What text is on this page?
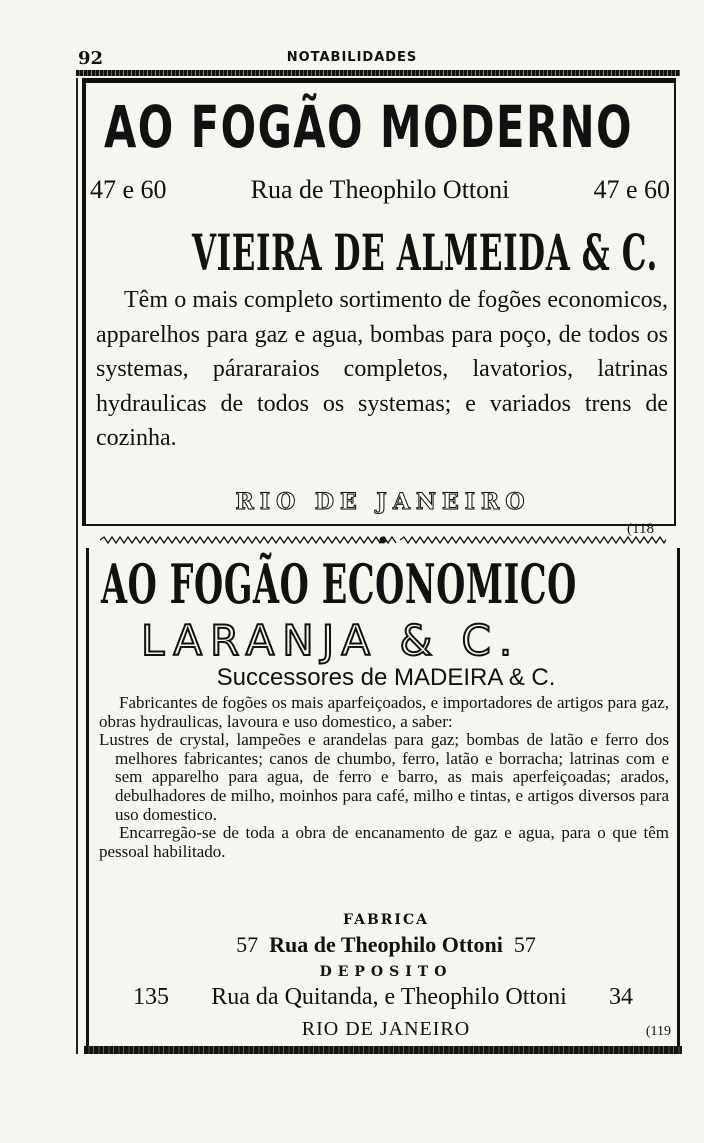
92	NOTABILIDADES
AO FOGÃO MODERNO
47 e 60	Rua de Theophilo Ottoni	47 e 60
VIEIRA DE ALMEIDA & C.
Têm o mais completo sortimento de fogões economicos, apparelhos para gaz e agua, bombas para poço, de todos os systemas, párararaios completos, lavatorios, latrinas hydraulicas de todos os systemas; e variados trens de cozinha.
RIO DE JANEIRO
(118
AO FOGÃO ECONOMICO
LARANJA & C.
Successores de MADEIRA & C.

Fabricantes de fogões os mais aparfeiçoados, e importadores de artigos para gaz, obras hydraulicas, lavoura e uso domestico, a saber:

Lustres de crystal, lampeões e arandelas para gaz; bombas de latão e ferro dos melhores fabricantes; canos de chumbo, ferro, latão e borracha; latrinas com e sem apparelho para agua, de ferro e barro, as mais aperfeiçoadas; arados, debulhadores de milho, moinhos para café, milho e tintas, e artigos diversos para uso domestico.

Encarregão-se de toda a obra de encanamento de gaz e agua, para o que têm pessoal habilitado.

FABRICA
57 Rua de Theophilo Ottoni 57
DEPOSITO
135 Rua da Quitanda, e Theophilo Ottoni 34
RIO DE JANEIRO	(119
